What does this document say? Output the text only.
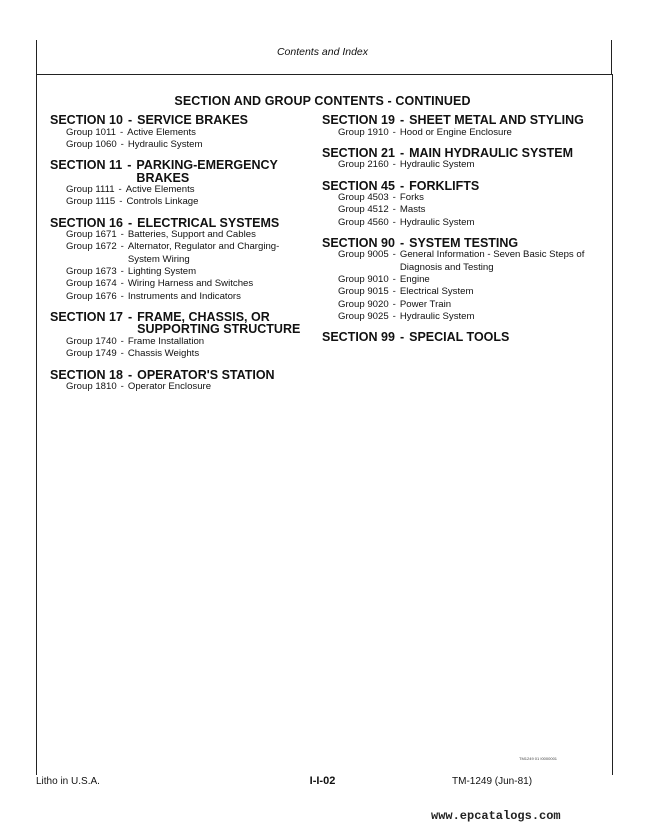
Contents and Index
SECTION AND GROUP CONTENTS - CONTINUED
SECTION 10 - SERVICE BRAKES
Group 1011 - Active Elements
Group 1060 - Hydraulic System
SECTION 11 - PARKING-EMERGENCY BRAKES
Group 1111 - Active Elements
Group 1115 - Controls Linkage
SECTION 16 - ELECTRICAL SYSTEMS
Group 1671 - Batteries, Support and Cables
Group 1672 - Alternator, Regulator and Charging-System Wiring
Group 1673 - Lighting System
Group 1674 - Wiring Harness and Switches
Group 1676 - Instruments and Indicators
SECTION 17 - FRAME, CHASSIS, OR SUPPORTING STRUCTURE
Group 1740 - Frame Installation
Group 1749 - Chassis Weights
SECTION 18 - OPERATOR'S STATION
Group 1810 - Operator Enclosure
SECTION 19 - SHEET METAL AND STYLING
Group 1910 - Hood or Engine Enclosure
SECTION 21 - MAIN HYDRAULIC SYSTEM
Group 2160 - Hydraulic System
SECTION 45 - FORKLIFTS
Group 4503 - Forks
Group 4512 - Masts
Group 4560 - Hydraulic System
SECTION 90 - SYSTEM TESTING
Group 9005 - General Information - Seven Basic Steps of Diagnosis and Testing
Group 9010 - Engine
Group 9015 - Electrical System
Group 9020 - Power Train
Group 9025 - Hydraulic System
SECTION 99 - SPECIAL TOOLS
TM1249 01 I0000001
Litho in U.S.A.	I-I-02	TM-1249 (Jun-81)
www.epcatalogs.com
